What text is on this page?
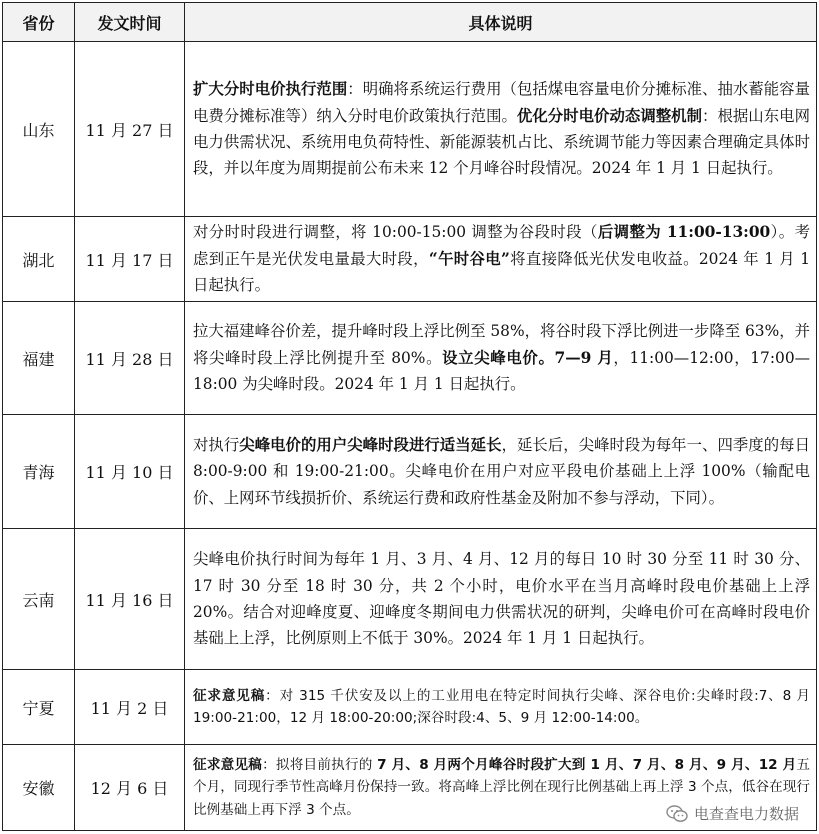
省份	发文时间	具体说明
山东	11 月 27 日	扩大分时电价执行范围：明确将系统运行费用（包括煤电容量电价分摊标准、抽水蓄能容量电费分摊标准等）纳入分时电价政策执行范围。优化分时电价动态调整机制：根据山东电网电力供需状况、系统用电负荷特性、新能源装机占比、系统调节能力等因素合理确定具体时段，并以年度为周期提前公布未来 12 个月峰谷时段情况。2024 年 1 月 1 日起执行。
湖北	11 月 17 日	对分时时段进行调整，将 10:00-15:00 调整为谷段时段（后调整为 11:00-13:00）。考虑到正午是光伏发电量最大时段，“午时谷电”将直接降低光伏发电收益。2024 年 1 月 1 日起执行。
福建	11 月 28 日	拉大福建峰谷价差，提升峰时段上浮比例至 58%，将谷时段下浮比例进一步降至 63%，并将尖峰时段上浮比例提升至 80%。设立尖峰电价。7—9 月，11:00—12:00，17:00—18:00 为尖峰时段。2024 年 1 月 1 日起执行。
青海	11 月 10 日	对执行尖峰电价的用户尖峰时段进行适当延长，延长后，尖峰时段为每年一、四季度的每日 8:00-9:00 和 19:00-21:00。尖峰电价在用户对应平段电价基础上上浮 100%（输配电价、上网环节线损折价、系统运行费和政府性基金及附加不参与浮动，下同）。
云南	11 月 16 日	尖峰电价执行时间为每年 1 月、3 月、4 月、12 月的每日 10 时 30 分至 11 时 30 分、17 时 30 分至 18 时 30 分，共 2 个小时，电价水平在当月高峰时段电价基础上上浮 20%。结合对迎峰度夏、迎峰度冬期间电力供需状况的研判，尖峰电价可在高峰时段电价基础上上浮，比例原则上不低于 30%。2024 年 1 月 1 日起执行。
宁夏	11 月 2 日	征求意见稿：对 315 千伏安及以上的工业用电在特定时间执行尖峰、深谷电价:尖峰时段:7、8 月 19:00-21:00，12 月 18:00-20:00;深谷时段:4、5、9 月 12:00-14:00。
安徽	12 月 6 日	征求意见稿：拟将目前执行的 7 月、8 月两个月峰谷时段扩大到 1 月、7 月、8 月、9 月、12 月五个月，同现行季节性高峰月份保持一致。将高峰上浮比例在现行比例基础上再上浮 3 个点，低谷在现行比例基础上再下浮 3 个点。	电查查电力数据
